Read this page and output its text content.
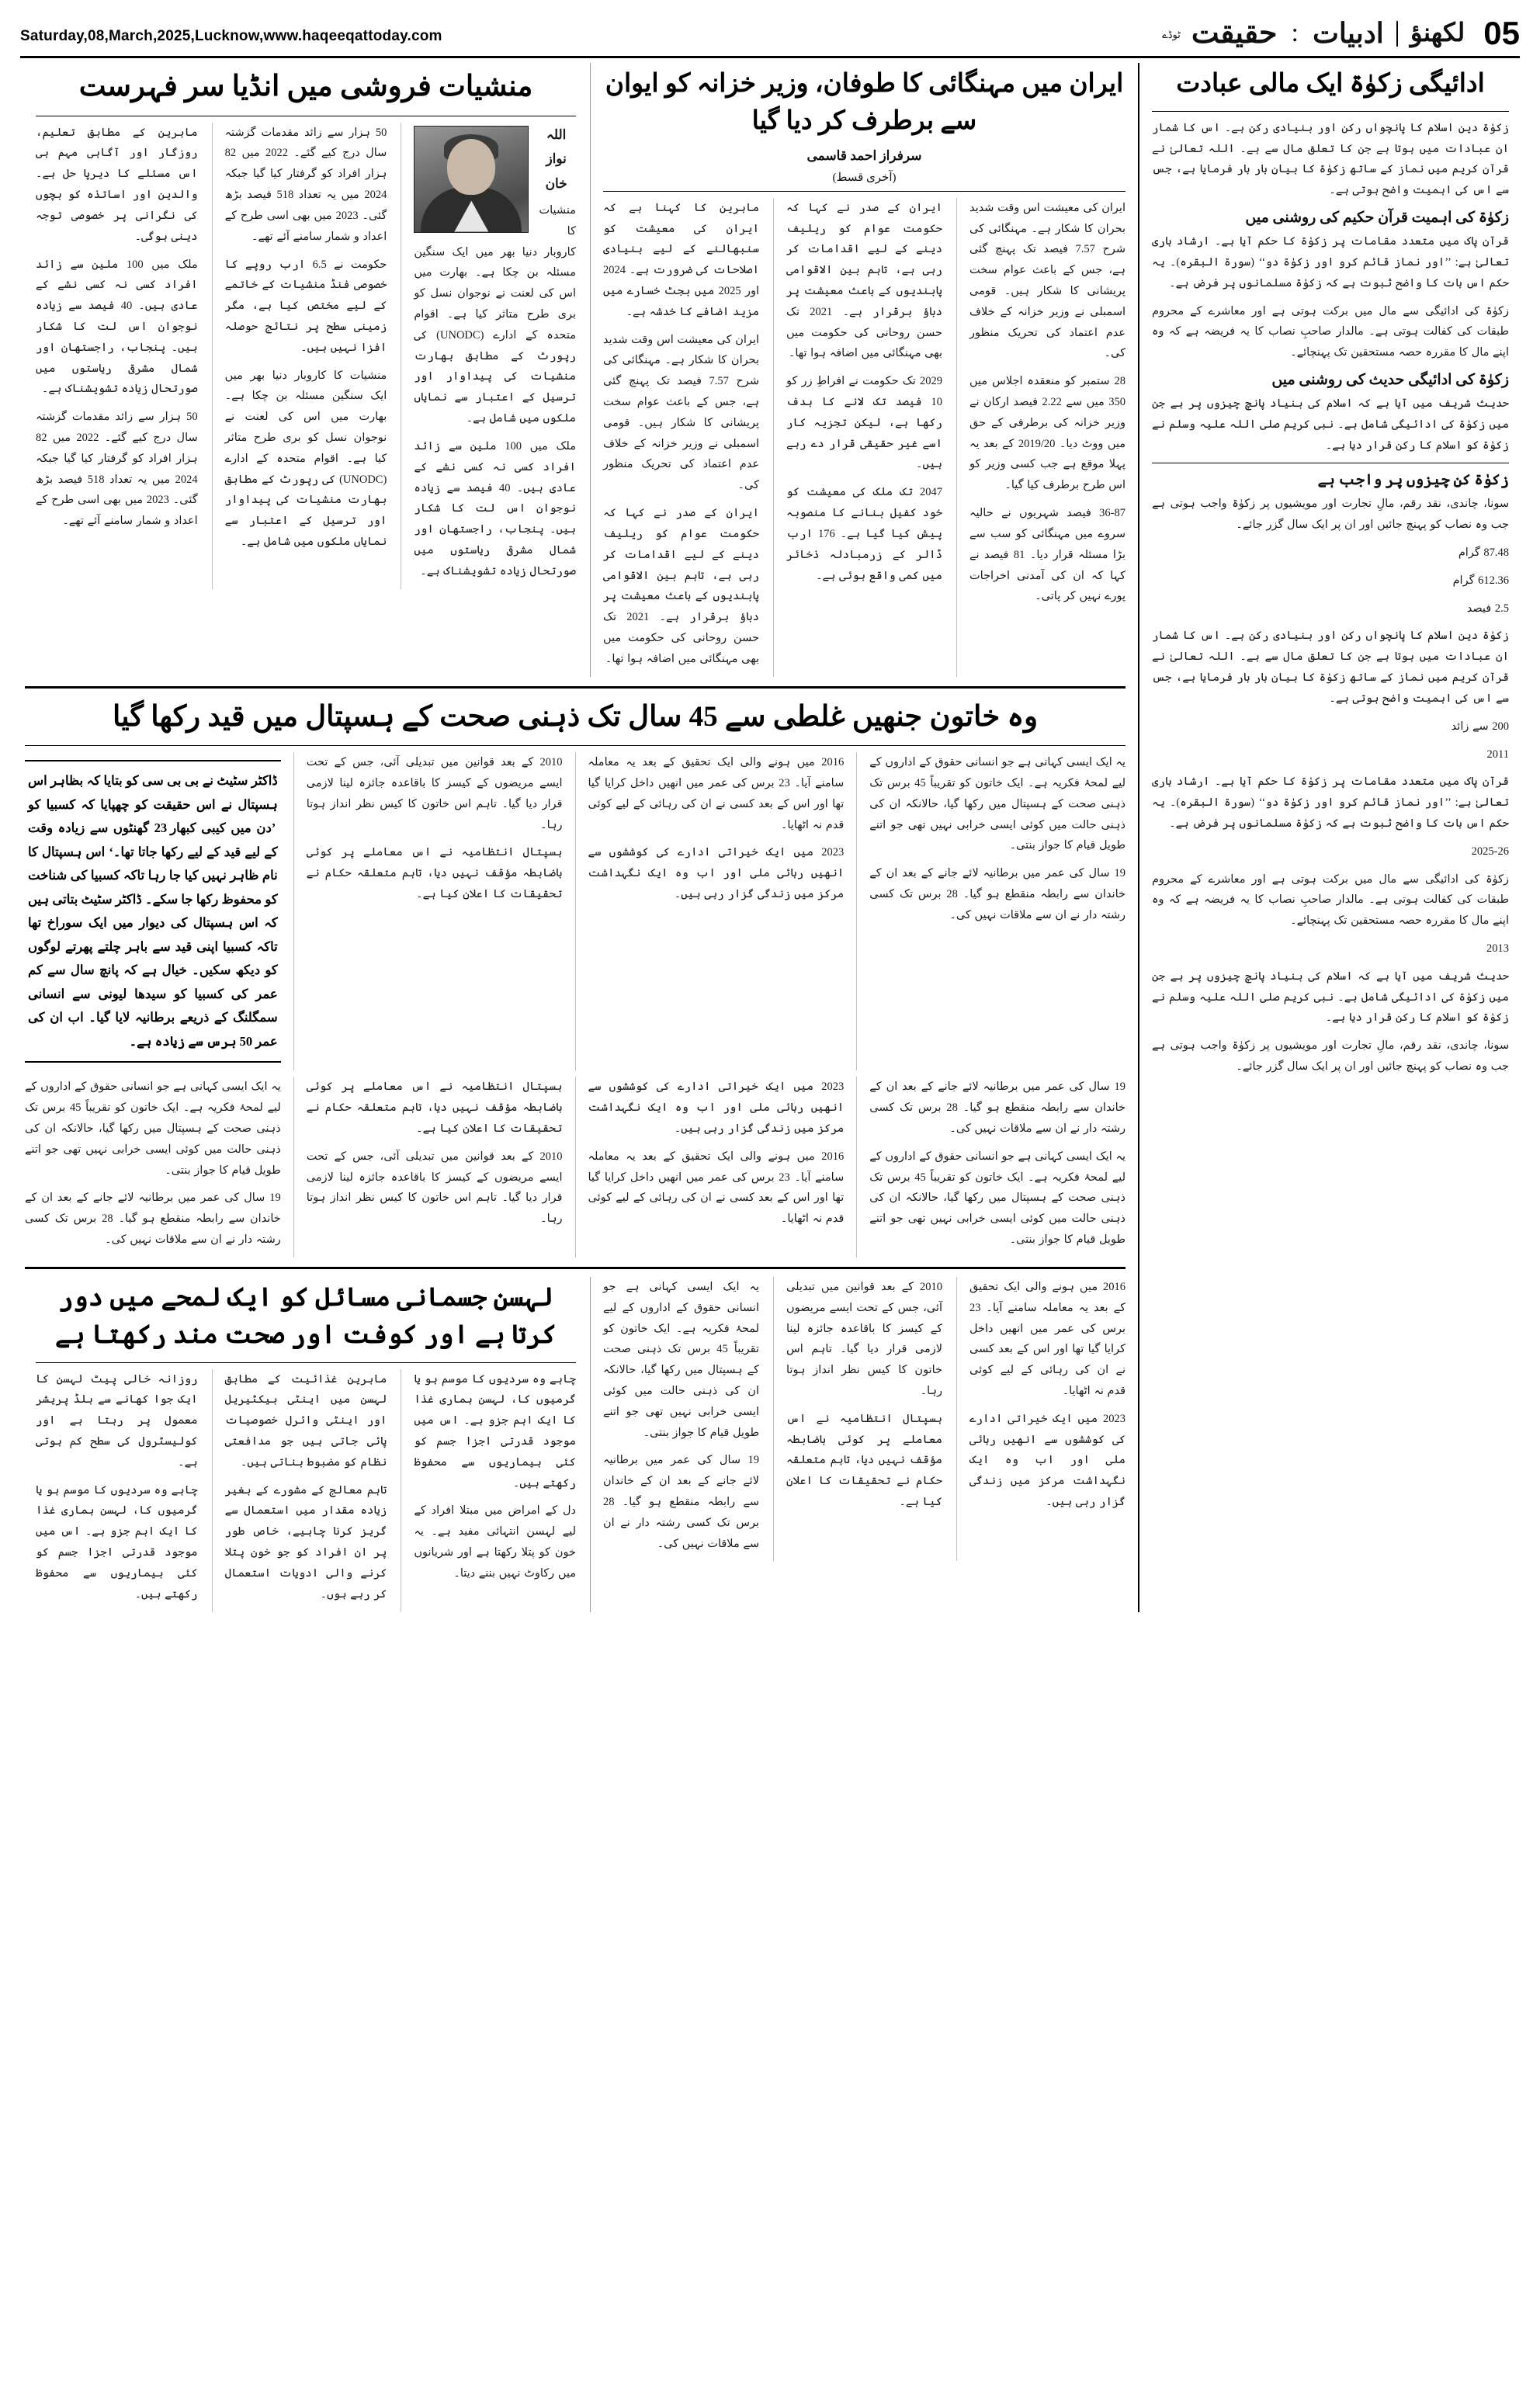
Saturday,08,March,2025,Lucknow,www.haqeeqattoday.com	05
لکھنؤ
ادبیات
:
حقیقت
ٹوڈے
ادائیگی زکوٰۃ ایک مالی عبادت

زکوٰۃ دین اسلام کا پانچواں رکن اور بنیادی رکن ہے۔ اس کا شمار ان عبادات میں ہوتا ہے جن کا تعلق مال سے ہے۔ اللہ تعالیٰ نے قرآن کریم میں نماز کے ساتھ زکوٰۃ کا بیان بار بار فرمایا ہے، جس سے اس کی اہمیت واضح ہوتی ہے۔

زکوٰۃ کی اہمیت قرآن حکیم کی روشنی میں

قرآن پاک میں متعدد مقامات پر زکوٰۃ کا حکم آیا ہے۔ ارشاد باری تعالیٰ ہے: ’’اور نماز قائم کرو اور زکوٰۃ دو‘‘ (سورۃ البقرہ)۔ یہ حکم اس بات کا واضح ثبوت ہے کہ زکوٰۃ مسلمانوں پر فرض ہے۔

زکوٰۃ کی ادائیگی سے مال میں برکت ہوتی ہے اور معاشرے کے محروم طبقات کی کفالت ہوتی ہے۔ مالدار صاحبِ نصاب کا یہ فریضہ ہے کہ وہ اپنے مال کا مقررہ حصہ مستحقین تک پہنچائے۔

زکوٰۃ کی ادائیگی حدیث کی روشنی میں

حدیث شریف میں آیا ہے کہ اسلام کی بنیاد پانچ چیزوں پر ہے جن میں زکوٰۃ کی ادائیگی شامل ہے۔ نبی کریم صلی اللہ علیہ وسلم نے زکوٰۃ کو اسلام کا رکن قرار دیا ہے۔

زکوٰۃ کن چیزوں پر واجب ہے

سونا، چاندی، نقد رقم، مالِ تجارت اور مویشیوں پر زکوٰۃ واجب ہوتی ہے جب وہ نصاب کو پہنچ جائیں اور ان پر ایک سال گزر جائے۔

87.48 گرام

612.36 گرام

2.5 فیصد

زکوٰۃ دین اسلام کا پانچواں رکن اور بنیادی رکن ہے۔ اس کا شمار ان عبادات میں ہوتا ہے جن کا تعلق مال سے ہے۔ اللہ تعالیٰ نے قرآن کریم میں نماز کے ساتھ زکوٰۃ کا بیان بار بار فرمایا ہے، جس سے اس کی اہمیت واضح ہوتی ہے۔

200 سے زائد

2011

قرآن پاک میں متعدد مقامات پر زکوٰۃ کا حکم آیا ہے۔ ارشاد باری تعالیٰ ہے: ’’اور نماز قائم کرو اور زکوٰۃ دو‘‘ (سورۃ البقرہ)۔ یہ حکم اس بات کا واضح ثبوت ہے کہ زکوٰۃ مسلمانوں پر فرض ہے۔

2025-26

زکوٰۃ کی ادائیگی سے مال میں برکت ہوتی ہے اور معاشرے کے محروم طبقات کی کفالت ہوتی ہے۔ مالدار صاحبِ نصاب کا یہ فریضہ ہے کہ وہ اپنے مال کا مقررہ حصہ مستحقین تک پہنچائے۔

2013

حدیث شریف میں آیا ہے کہ اسلام کی بنیاد پانچ چیزوں پر ہے جن میں زکوٰۃ کی ادائیگی شامل ہے۔ نبی کریم صلی اللہ علیہ وسلم نے زکوٰۃ کو اسلام کا رکن قرار دیا ہے۔

سونا، چاندی، نقد رقم، مالِ تجارت اور مویشیوں پر زکوٰۃ واجب ہوتی ہے جب وہ نصاب کو پہنچ جائیں اور ان پر ایک سال گزر جائے۔

ایران میں مہنگائی کا طوفان، وزیر خزانہ کو ایوان سے برطرف کر دیا گیا
سرفراز احمد قاسمی
(آخری قسط)

ایران کی معیشت اس وقت شدید بحران کا شکار ہے۔ مہنگائی کی شرح 7.57 فیصد تک پہنچ گئی ہے، جس کے باعث عوام سخت پریشانی کا شکار ہیں۔ قومی اسمبلی نے وزیر خزانہ کے خلاف عدم اعتماد کی تحریک منظور کی۔

28 ستمبر کو منعقدہ اجلاس میں 350 میں سے 2.22 فیصد ارکان نے وزیر خزانہ کی برطرفی کے حق میں ووٹ دیا۔ 2019/20 کے بعد یہ پہلا موقع ہے جب کسی وزیر کو اس طرح برطرف کیا گیا۔

36-87 فیصد شہریوں نے حالیہ سروے میں مہنگائی کو سب سے بڑا مسئلہ قرار دیا۔ 81 فیصد نے کہا کہ ان کی آمدنی اخراجات پورے نہیں کر پاتی۔

ایران کے صدر نے کہا کہ حکومت عوام کو ریلیف دینے کے لیے اقدامات کر رہی ہے، تاہم بین الاقوامی پابندیوں کے باعث معیشت پر دباؤ برقرار ہے۔ 2021 تک حسن روحانی کی حکومت میں بھی مہنگائی میں اضافہ ہوا تھا۔

2029 تک حکومت نے افراطِ زر کو 10 فیصد تک لانے کا ہدف رکھا ہے، لیکن تجزیہ کار اسے غیر حقیقی قرار دے رہے ہیں۔

2047 تک ملک کی معیشت کو خود کفیل بنانے کا منصوبہ پیش کیا گیا ہے۔ 176 ارب ڈالر کے زرمبادلہ ذخائر میں کمی واقع ہوئی ہے۔

ماہرین کا کہنا ہے کہ ایران کی معیشت کو سنبھالنے کے لیے بنیادی اصلاحات کی ضرورت ہے۔ 2024 اور 2025 میں بجٹ خسارے میں مزید اضافے کا خدشہ ہے۔

ایران کی معیشت اس وقت شدید بحران کا شکار ہے۔ مہنگائی کی شرح 7.57 فیصد تک پہنچ گئی ہے، جس کے باعث عوام سخت پریشانی کا شکار ہیں۔ قومی اسمبلی نے وزیر خزانہ کے خلاف عدم اعتماد کی تحریک منظور کی۔

ایران کے صدر نے کہا کہ حکومت عوام کو ریلیف دینے کے لیے اقدامات کر رہی ہے، تاہم بین الاقوامی پابندیوں کے باعث معیشت پر دباؤ برقرار ہے۔ 2021 تک حسن روحانی کی حکومت میں بھی مہنگائی میں اضافہ ہوا تھا۔

منشیات فروشی میں انڈیا سر فہرست
اللہ نواز خان

منشیات کا کاروبار دنیا بھر میں ایک سنگین مسئلہ بن چکا ہے۔ بھارت میں اس کی لعنت نے نوجوان نسل کو بری طرح متاثر کیا ہے۔ اقوام متحدہ کے ادارے (UNODC) کی رپورٹ کے مطابق بھارت منشیات کی پیداوار اور ترسیل کے اعتبار سے نمایاں ملکوں میں شامل ہے۔

ملک میں 100 ملین سے زائد افراد کسی نہ کسی نشے کے عادی ہیں۔ 40 فیصد سے زیادہ نوجوان اس لت کا شکار ہیں۔ پنجاب، راجستھان اور شمال مشرقی ریاستوں میں صورتحال زیادہ تشویشناک ہے۔

50 ہزار سے زائد مقدمات گزشتہ سال درج کیے گئے۔ 2022 میں 82 ہزار افراد کو گرفتار کیا گیا جبکہ 2024 میں یہ تعداد 518 فیصد بڑھ گئی۔ 2023 میں بھی اسی طرح کے اعداد و شمار سامنے آئے تھے۔

حکومت نے 6.5 ارب روپے کا خصوصی فنڈ منشیات کے خاتمے کے لیے مختص کیا ہے، مگر زمینی سطح پر نتائج حوصلہ افزا نہیں ہیں۔

منشیات کا کاروبار دنیا بھر میں ایک سنگین مسئلہ بن چکا ہے۔ بھارت میں اس کی لعنت نے نوجوان نسل کو بری طرح متاثر کیا ہے۔ اقوام متحدہ کے ادارے (UNODC) کی رپورٹ کے مطابق بھارت منشیات کی پیداوار اور ترسیل کے اعتبار سے نمایاں ملکوں میں شامل ہے۔

ماہرین کے مطابق تعلیم، روزگار اور آگاہی مہم ہی اس مسئلے کا دیرپا حل ہے۔ والدین اور اساتذہ کو بچوں کی نگرانی پر خصوصی توجہ دینی ہوگی۔

ملک میں 100 ملین سے زائد افراد کسی نہ کسی نشے کے عادی ہیں۔ 40 فیصد سے زیادہ نوجوان اس لت کا شکار ہیں۔ پنجاب، راجستھان اور شمال مشرقی ریاستوں میں صورتحال زیادہ تشویشناک ہے۔

50 ہزار سے زائد مقدمات گزشتہ سال درج کیے گئے۔ 2022 میں 82 ہزار افراد کو گرفتار کیا گیا جبکہ 2024 میں یہ تعداد 518 فیصد بڑھ گئی۔ 2023 میں بھی اسی طرح کے اعداد و شمار سامنے آئے تھے۔

وہ خاتون جنھیں غلطی سے 45 سال تک ذہنی صحت کے ہسپتال میں قید رکھا گیا

یہ ایک ایسی کہانی ہے جو انسانی حقوق کے اداروں کے لیے لمحۂ فکریہ ہے۔ ایک خاتون کو تقریباً 45 برس تک ذہنی صحت کے ہسپتال میں رکھا گیا، حالانکہ ان کی ذہنی حالت میں کوئی ایسی خرابی نہیں تھی جو اتنے طویل قیام کا جواز بنتی۔

19 سال کی عمر میں برطانیہ لائے جانے کے بعد ان کے خاندان سے رابطہ منقطع ہو گیا۔ 28 برس تک کسی رشتہ دار نے ان سے ملاقات نہیں کی۔

2016 میں ہونے والی ایک تحقیق کے بعد یہ معاملہ سامنے آیا۔ 23 برس کی عمر میں انھیں داخل کرایا گیا تھا اور اس کے بعد کسی نے ان کی رہائی کے لیے کوئی قدم نہ اٹھایا۔

2023 میں ایک خیراتی ادارے کی کوششوں سے انھیں رہائی ملی اور اب وہ ایک نگہداشت مرکز میں زندگی گزار رہی ہیں۔

2010 کے بعد قوانین میں تبدیلی آئی، جس کے تحت ایسے مریضوں کے کیسز کا باقاعدہ جائزہ لینا لازمی قرار دیا گیا۔ تاہم اس خاتون کا کیس نظر انداز ہوتا رہا۔

ہسپتال انتظامیہ نے اس معاملے پر کوئی باضابطہ مؤقف نہیں دیا، تاہم متعلقہ حکام نے تحقیقات کا اعلان کیا ہے۔

ڈاکٹر سٹیٹ نے بی بی سی کو بتایا کہ بظاہر اس ہسپتال نے اس حقیقت کو چھپایا کہ کسبیا کو ’دن میں کیبی کبھار 23 گھنٹوں سے زیادہ وقت کے لیے قید کے لیے رکھا جاتا تھا۔‘ اس ہسپتال کا نام ظاہر نہیں کیا جا رہا تاکہ کسبیا کی شناخت کو محفوظ رکھا جا سکے۔ ڈاکٹر سٹیٹ بتاتی ہیں کہ اس ہسپتال کی دیوار میں ایک سوراخ تھا تاکہ کسبیا اپنی قید سے باہر چلتے پھرتے لوگوں کو دیکھ سکیں۔ خیال ہے کہ پانچ سال سے کم عمر کی کسبیا کو سیدھا لیونی سے انسانی سمگلنگ کے ذریعے برطانیہ لایا گیا۔ اب ان کی عمر 50 برس سے زیادہ ہے۔

19 سال کی عمر میں برطانیہ لائے جانے کے بعد ان کے خاندان سے رابطہ منقطع ہو گیا۔ 28 برس تک کسی رشتہ دار نے ان سے ملاقات نہیں کی۔

یہ ایک ایسی کہانی ہے جو انسانی حقوق کے اداروں کے لیے لمحۂ فکریہ ہے۔ ایک خاتون کو تقریباً 45 برس تک ذہنی صحت کے ہسپتال میں رکھا گیا، حالانکہ ان کی ذہنی حالت میں کوئی ایسی خرابی نہیں تھی جو اتنے طویل قیام کا جواز بنتی۔

2023 میں ایک خیراتی ادارے کی کوششوں سے انھیں رہائی ملی اور اب وہ ایک نگہداشت مرکز میں زندگی گزار رہی ہیں۔

2016 میں ہونے والی ایک تحقیق کے بعد یہ معاملہ سامنے آیا۔ 23 برس کی عمر میں انھیں داخل کرایا گیا تھا اور اس کے بعد کسی نے ان کی رہائی کے لیے کوئی قدم نہ اٹھایا۔

ہسپتال انتظامیہ نے اس معاملے پر کوئی باضابطہ مؤقف نہیں دیا، تاہم متعلقہ حکام نے تحقیقات کا اعلان کیا ہے۔

2010 کے بعد قوانین میں تبدیلی آئی، جس کے تحت ایسے مریضوں کے کیسز کا باقاعدہ جائزہ لینا لازمی قرار دیا گیا۔ تاہم اس خاتون کا کیس نظر انداز ہوتا رہا۔

یہ ایک ایسی کہانی ہے جو انسانی حقوق کے اداروں کے لیے لمحۂ فکریہ ہے۔ ایک خاتون کو تقریباً 45 برس تک ذہنی صحت کے ہسپتال میں رکھا گیا، حالانکہ ان کی ذہنی حالت میں کوئی ایسی خرابی نہیں تھی جو اتنے طویل قیام کا جواز بنتی۔

19 سال کی عمر میں برطانیہ لائے جانے کے بعد ان کے خاندان سے رابطہ منقطع ہو گیا۔ 28 برس تک کسی رشتہ دار نے ان سے ملاقات نہیں کی۔

2016 میں ہونے والی ایک تحقیق کے بعد یہ معاملہ سامنے آیا۔ 23 برس کی عمر میں انھیں داخل کرایا گیا تھا اور اس کے بعد کسی نے ان کی رہائی کے لیے کوئی قدم نہ اٹھایا۔

2023 میں ایک خیراتی ادارے کی کوششوں سے انھیں رہائی ملی اور اب وہ ایک نگہداشت مرکز میں زندگی گزار رہی ہیں۔

2010 کے بعد قوانین میں تبدیلی آئی، جس کے تحت ایسے مریضوں کے کیسز کا باقاعدہ جائزہ لینا لازمی قرار دیا گیا۔ تاہم اس خاتون کا کیس نظر انداز ہوتا رہا۔

ہسپتال انتظامیہ نے اس معاملے پر کوئی باضابطہ مؤقف نہیں دیا، تاہم متعلقہ حکام نے تحقیقات کا اعلان کیا ہے۔

یہ ایک ایسی کہانی ہے جو انسانی حقوق کے اداروں کے لیے لمحۂ فکریہ ہے۔ ایک خاتون کو تقریباً 45 برس تک ذہنی صحت کے ہسپتال میں رکھا گیا، حالانکہ ان کی ذہنی حالت میں کوئی ایسی خرابی نہیں تھی جو اتنے طویل قیام کا جواز بنتی۔

19 سال کی عمر میں برطانیہ لائے جانے کے بعد ان کے خاندان سے رابطہ منقطع ہو گیا۔ 28 برس تک کسی رشتہ دار نے ان سے ملاقات نہیں کی۔

لہسن جسمانی مسائل کو ایک لمحے میں دور کرتا ہے اور کوفت اور صحت مند رکھتا ہے

چاہے وہ سردیوں کا موسم ہو یا گرمیوں کا، لہسن ہماری غذا کا ایک اہم جزو ہے۔ اس میں موجود قدرتی اجزا جسم کو کئی بیماریوں سے محفوظ رکھتے ہیں۔

دل کے امراض میں مبتلا افراد کے لیے لہسن انتہائی مفید ہے۔ یہ خون کو پتلا رکھتا ہے اور شریانوں میں رکاوٹ نہیں بننے دیتا۔

ماہرین غذائیت کے مطابق لہسن میں اینٹی بیکٹیریل اور اینٹی وائرل خصوصیات پائی جاتی ہیں جو مدافعتی نظام کو مضبوط بناتی ہیں۔

تاہم معالج کے مشورے کے بغیر زیادہ مقدار میں استعمال سے گریز کرنا چاہیے، خاص طور پر ان افراد کو جو خون پتلا کرنے والی ادویات استعمال کر رہے ہوں۔

روزانہ خالی پیٹ لہسن کا ایک جوا کھانے سے بلڈ پریشر معمول پر رہتا ہے اور کولیسٹرول کی سطح کم ہوتی ہے۔

چاہے وہ سردیوں کا موسم ہو یا گرمیوں کا، لہسن ہماری غذا کا ایک اہم جزو ہے۔ اس میں موجود قدرتی اجزا جسم کو کئی بیماریوں سے محفوظ رکھتے ہیں۔
